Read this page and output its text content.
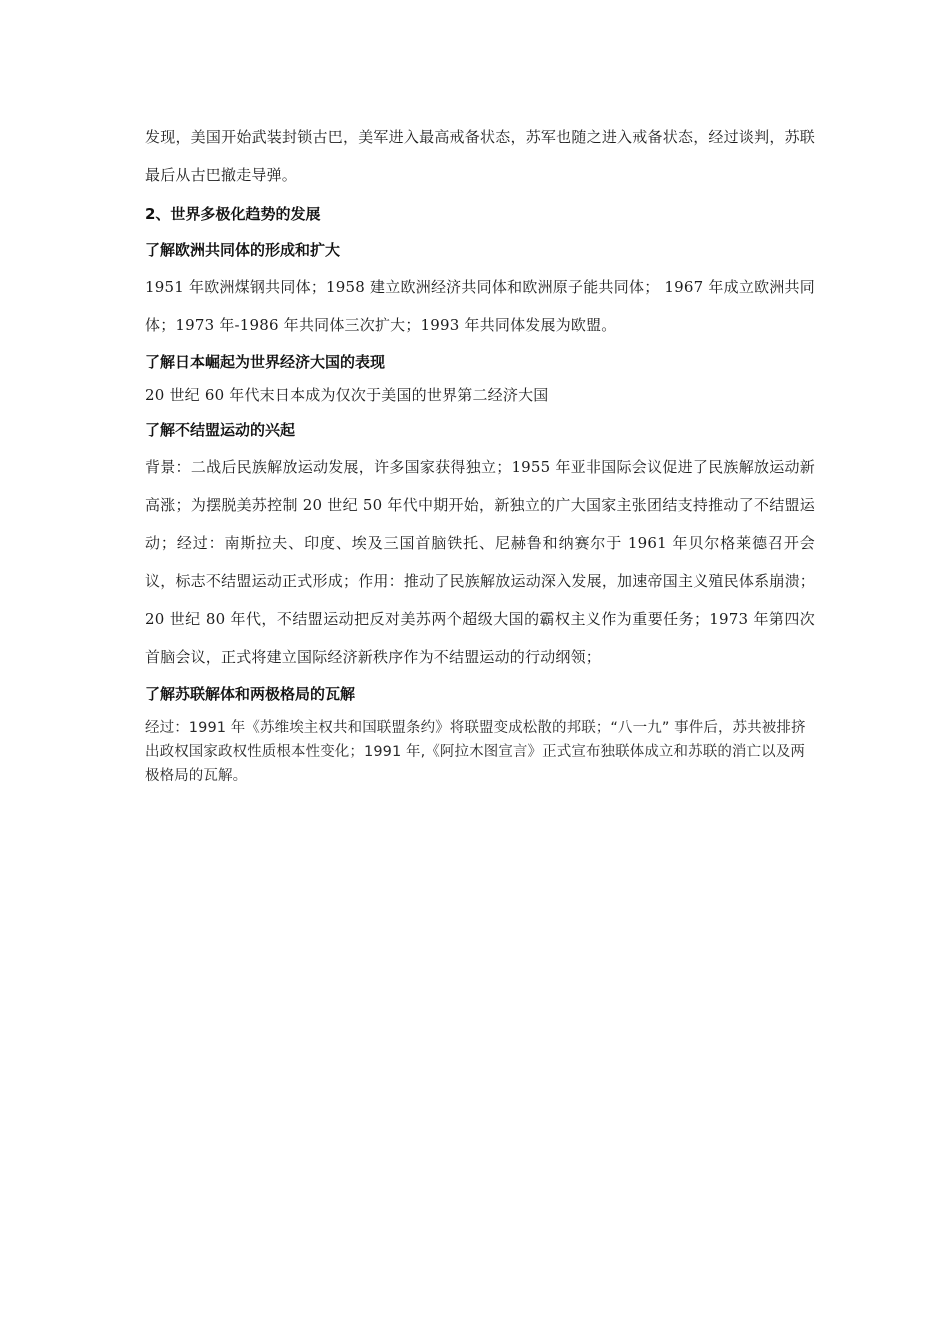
发现，美国开始武装封锁古巴，美军进入最高戒备状态，苏军也随之进入戒备状态，经过谈判，苏联最后从古巴撤走导弹。

2、世界多极化趋势的发展

了解欧洲共同体的形成和扩大

1951 年欧洲煤钢共同体；1958 建立欧洲经济共同体和欧洲原子能共同体； 1967 年成立欧洲共同体；1973 年-1986 年共同体三次扩大；1993 年共同体发展为欧盟。

了解日本崛起为世界经济大国的表现

20 世纪 60 年代末日本成为仅次于美国的世界第二经济大国

了解不结盟运动的兴起

背景：二战后民族解放运动发展，许多国家获得独立；1955 年亚非国际会议促进了民族解放运动新高涨；为摆脱美苏控制 20 世纪 50 年代中期开始，新独立的广大国家主张团结支持推动了不结盟运动；经过：南斯拉夫、印度、埃及三国首脑铁托、尼赫鲁和纳赛尔于 1961 年贝尔格莱德召开会议，标志不结盟运动正式形成；作用：推动了民族解放运动深入发展，加速帝国主义殖民体系崩溃；20 世纪 80 年代，不结盟运动把反对美苏两个超级大国的霸权主义作为重要任务；1973 年第四次首脑会议，正式将建立国际经济新秩序作为不结盟运动的行动纲领；

了解苏联解体和两极格局的瓦解

经过：1991 年《苏维埃主权共和国联盟条约》将联盟变成松散的邦联；“八一九” 事件后，苏共被排挤出政权国家政权性质根本性变化；1991 年,《阿拉木图宣言》正式宣布独联体成立和苏联的消亡以及两极格局的瓦解。
